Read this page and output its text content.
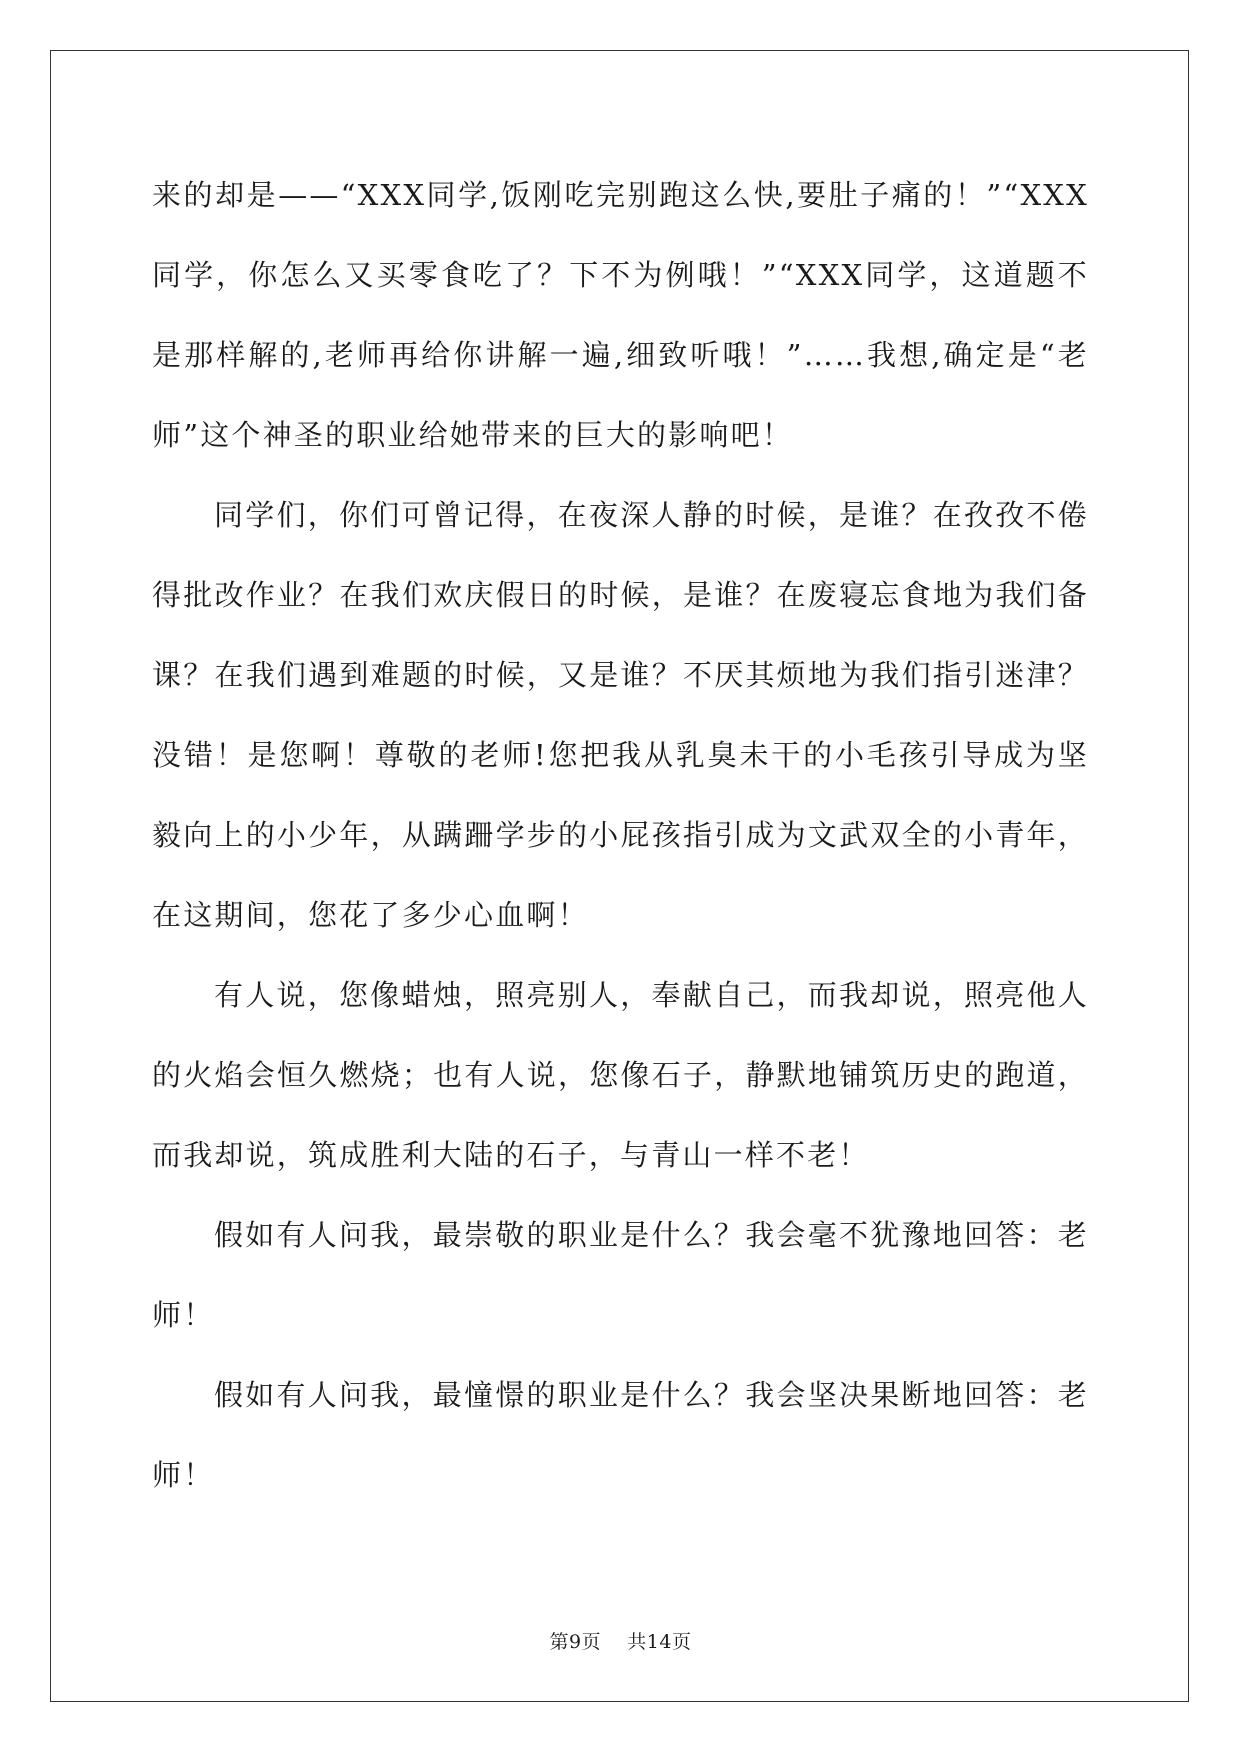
来的却是——“XXX同学,饭刚吃完别跑这么快,要肚子痛的！”“XXX同学，你怎么又买零食吃了？下不为例哦！”“XXX同学，这道题不是那样解的,老师再给你讲解一遍,细致听哦！”……我想,确定是“老师”这个神圣的职业给她带来的巨大的影响吧！

同学们，你们可曾记得，在夜深人静的时候，是谁？在孜孜不倦得批改作业？在我们欢庆假日的时候，是谁？在废寝忘食地为我们备课？在我们遇到难题的时候，又是谁？不厌其烦地为我们指引迷津？没错！是您啊！尊敬的老师!您把我从乳臭未干的小毛孩引导成为坚毅向上的小少年，从蹒跚学步的小屁孩指引成为文武双全的小青年，在这期间，您花了多少心血啊！

有人说，您像蜡烛，照亮别人，奉献自己，而我却说，照亮他人的火焰会恒久燃烧；也有人说，您像石子，静默地铺筑历史的跑道，而我却说，筑成胜利大陆的石子，与青山一样不老！

假如有人问我，最崇敬的职业是什么？我会毫不犹豫地回答：老师！

假如有人问我，最憧憬的职业是什么？我会坚决果断地回答：老师！

第9页 共14页
